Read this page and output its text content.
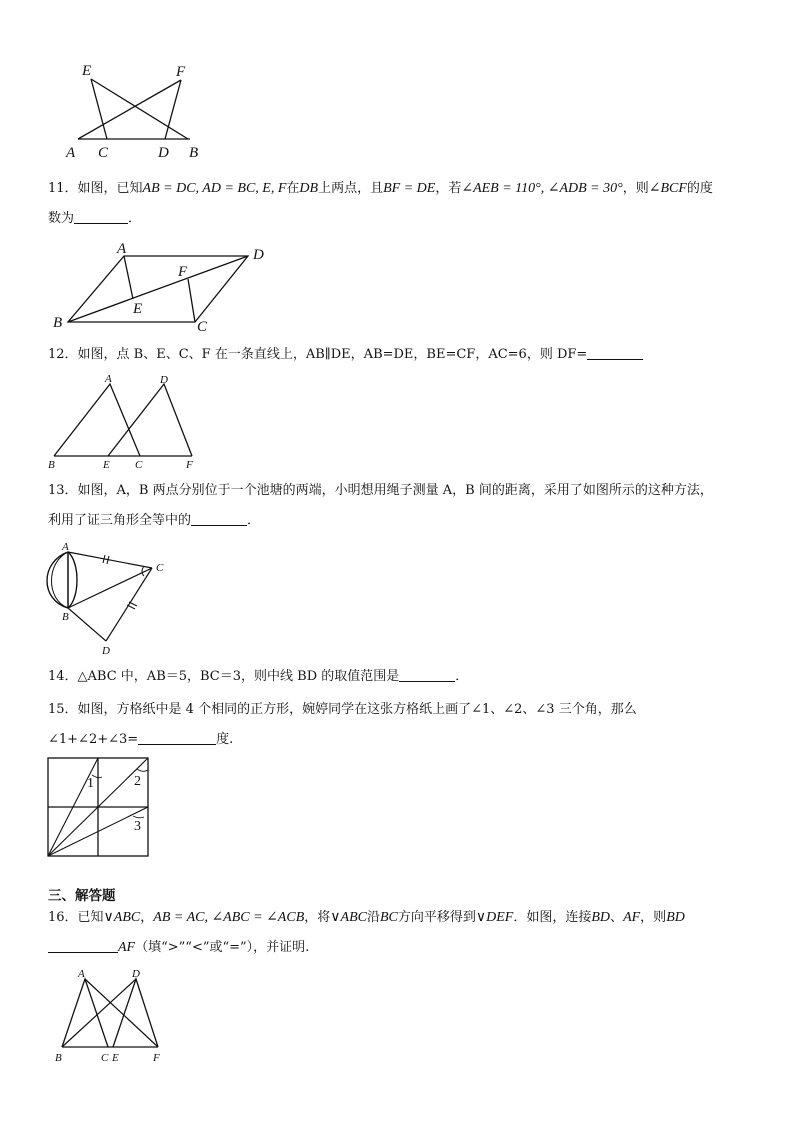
E	F
A C	D B
11．如图，已知AB = DC, AD = BC, E, F在DB上两点，且BF = DE，若∠AEB = 110°, ∠ADB = 30°，则∠BCF的度
数为	．
A	D
F
E
B	C
12．如图，点 B、E、C、F 在一条直线上，AB∥DE，AB=DE，BE=CF，AC=6，则 DF=
A	D
B	E C	F
13．如图，A，B 两点分别位于一个池塘的两端，小明想用绳子测量 A，B 间的距离，采用了如图所示的这种方法，
利用了证三角形全等中的	．
A
C
B
D
14．△ABC 中，AB＝5，BC＝3，则中线 BD 的取值范围是	．
15．如图，方格纸中是 4 个相同的正方形，婉婷同学在这张方格纸上画了∠1、∠2、∠3 三个角，那么
∠1+∠2+∠3=	度.
1	2
3
三、解答题
16．已知∨ABC，AB = AC, ∠ABC = ∠ACB，将∨ABC沿BC方向平移得到∨DEF．如图，连接BD、AF，则BD
AF（填“>”“<”或“=”），并证明.
A	D
B	C E	F
